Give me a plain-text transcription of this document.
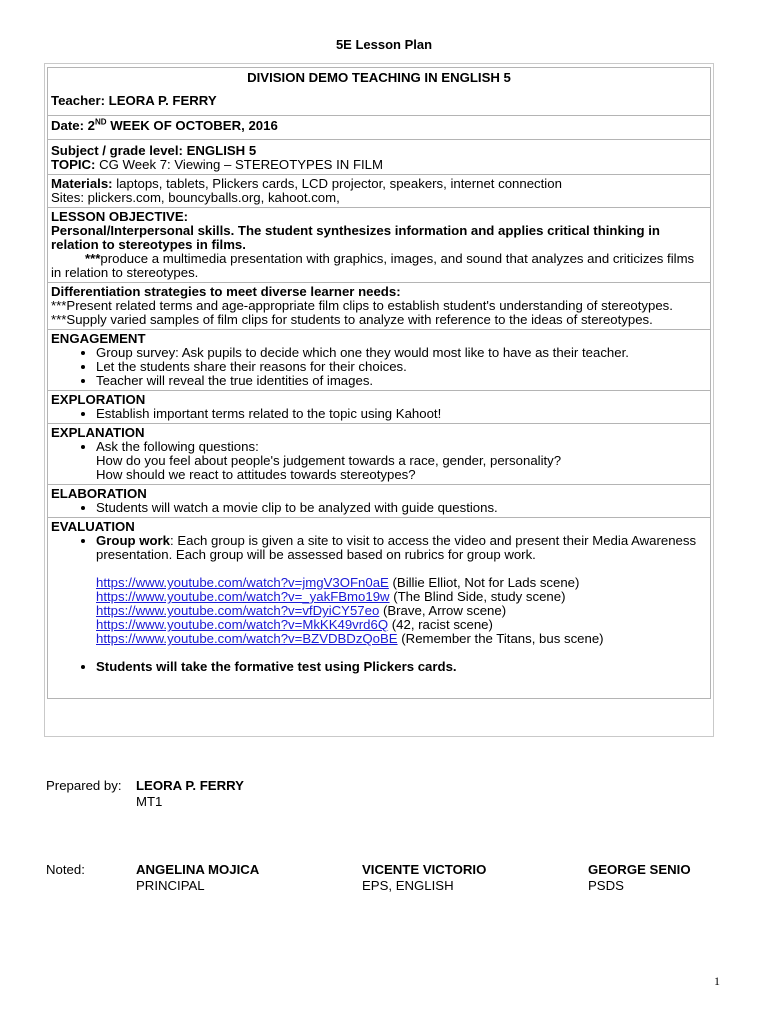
5E Lesson Plan
DIVISION DEMO TEACHING IN ENGLISH 5
Teacher: LEORA P. FERRY

Date: 2ND WEEK OF OCTOBER, 2016

Subject / grade level: ENGLISH 5
TOPIC: CG Week 7: Viewing – STEREOTYPES IN FILM

Materials: laptops, tablets, Plickers cards, LCD projector, speakers, internet connection
Sites: plickers.com, bouncyballs.org, kahoot.com,

LESSON OBJECTIVE:
Personal/Interpersonal skills. The student synthesizes information and applies critical thinking in relation to stereotypes in films.
***produce a multimedia presentation with graphics, images, and sound that analyzes and criticizes films in relation to stereotypes.

Differentiation strategies to meet diverse learner needs:
***Present related terms and age-appropriate film clips to establish student's understanding of stereotypes.
***Supply varied samples of film clips for students to analyze with reference to the ideas of stereotypes.

ENGAGEMENT
• Group survey: Ask pupils to decide which one they would most like to have as their teacher.
• Let the students share their reasons for their choices.
• Teacher will reveal the true identities of images.

EXPLORATION
• Establish important terms related to the topic using Kahoot!

EXPLANATION
• Ask the following questions:
How do you feel about people's judgement towards a race, gender, personality?
How should we react to attitudes towards stereotypes?

ELABORATION
• Students will watch a movie clip to be analyzed with guide questions.

EVALUATION
• Group work: Each group is given a site to visit to access the video and present their Media Awareness presentation. Each group will be assessed based on rubrics for group work.
https://www.youtube.com/watch?v=jmgV3OFn0aE (Billie Elliot, Not for Lads scene)
https://www.youtube.com/watch?v=_yakFBmo19w (The Blind Side, study scene)
https://www.youtube.com/watch?v=vfDyiCY57eo (Brave, Arrow scene)
https://www.youtube.com/watch?v=MkKK49vrd6Q (42, racist scene)
https://www.youtube.com/watch?v=BZVDBDzQoBE (Remember the Titans, bus scene)
• Students will take the formative test using Plickers cards.
Prepared by: LEORA P. FERRY
MT1
Noted:	ANGELINA MOJICA
PRINCIPAL
VICENTE VICTORIO
EPS, ENGLISH
GEORGE SENIO
PSDS
1
